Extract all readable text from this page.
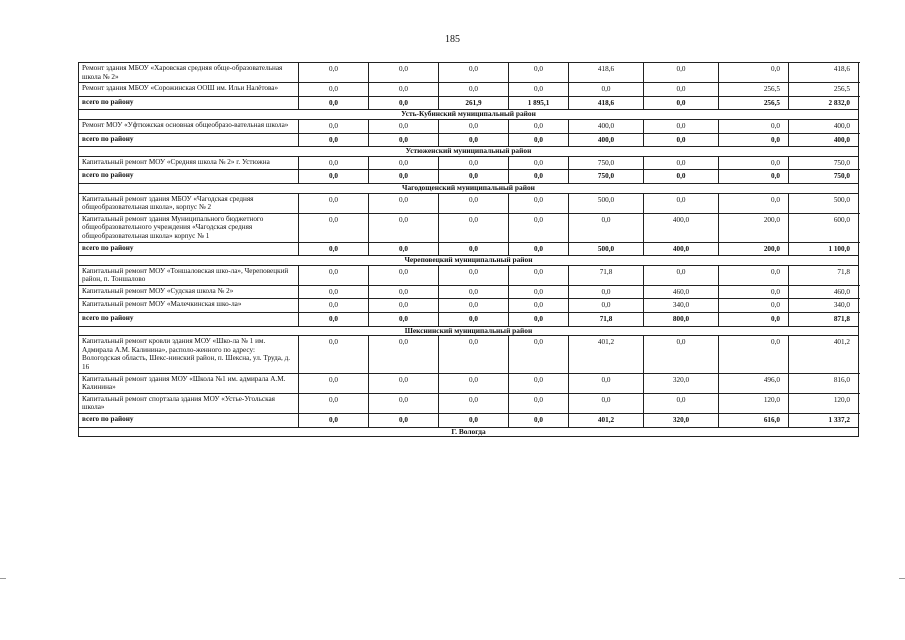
185
Ремонт здания МБОУ «Харовская средняя обще-образовательная школа № 2»	0,0	0,0	0,0	0,0	418,6	0,0	0,0	418,6
Ремонт здания МБОУ «Сорожинская ООШ им. Ильи Налётова»	0,0	0,0	0,0	0,0	0,0	0,0	256,5	256,5
всего по району	0,0	0,0	261,9	1 895,1	418,6	0,0	256,5	2 832,0
Усть-Кубинский муниципальный район								
Ремонт МОУ «Уфтюжская основная общеобразо-вательная школа»	0,0	0,0	0,0	0,0	400,0	0,0	0,0	400,0
всего по району	0,0	0,0	0,0	0,0	400,0	0,0	0,0	400,0
Устюженский муниципальный район								
Капитальный ремонт МОУ «Средняя школа № 2» г. Устюжна	0,0	0,0	0,0	0,0	750,0	0,0	0,0	750,0
всего по району	0,0	0,0	0,0	0,0	750,0	0,0	0,0	750,0
Чагодощенский муниципальный район								
Капитальный ремонт здания МБОУ «Чагодская средняя общеобразовательная школа», корпус № 2	0,0	0,0	0,0	0,0	500,0	0,0	0,0	500,0
Капитальный ремонт здания Муниципального бюджетного общеобразовательного учреждения «Чагодская средняя общеобразовательная школа» корпус № 1	0,0	0,0	0,0	0,0	0,0	400,0	200,0	600,0
всего по району	0,0	0,0	0,0	0,0	500,0	400,0	200,0	1 100,0
Череповецкий муниципальный район								
Капитальный ремонт МОУ «Тоншаловская шко-ла», Череповецкий район, п. Тоншалово	0,0	0,0	0,0	0,0	71,8	0,0	0,0	71,8
Капитальный ремонт МОУ «Судская школа № 2»	0,0	0,0	0,0	0,0	0,0	460,0	0,0	460,0
Капитальный ремонт МОУ «Малечкинская шко-ла»	0,0	0,0	0,0	0,0	0,0	340,0	0,0	340,0
всего по району	0,0	0,0	0,0	0,0	71,8	800,0	0,0	871,8
Шекснинский муниципальный район								
Капитальный ремонт кровли здания МОУ «Шко-ла № 1 им. Адмирала А.М. Калинина», располо-женного по адресу: Вологодская область, Шекс-нинский район, п. Шексна, ул. Труда, д. 16	0,0	0,0	0,0	0,0	401,2	0,0	0,0	401,2
Капитальный ремонт здания МОУ «Школа №1 им. адмирала А.М. Калинина»	0,0	0,0	0,0	0,0	0,0	320,0	496,0	816,0
Капитальный ремонт спортзала здания МОУ «Устье-Угольская школа»	0,0	0,0	0,0	0,0	0,0	0,0	120,0	120,0
всего по району	0,0	0,0	0,0	0,0	401,2	320,0	616,0	1 337,2
Г. Вологда								
